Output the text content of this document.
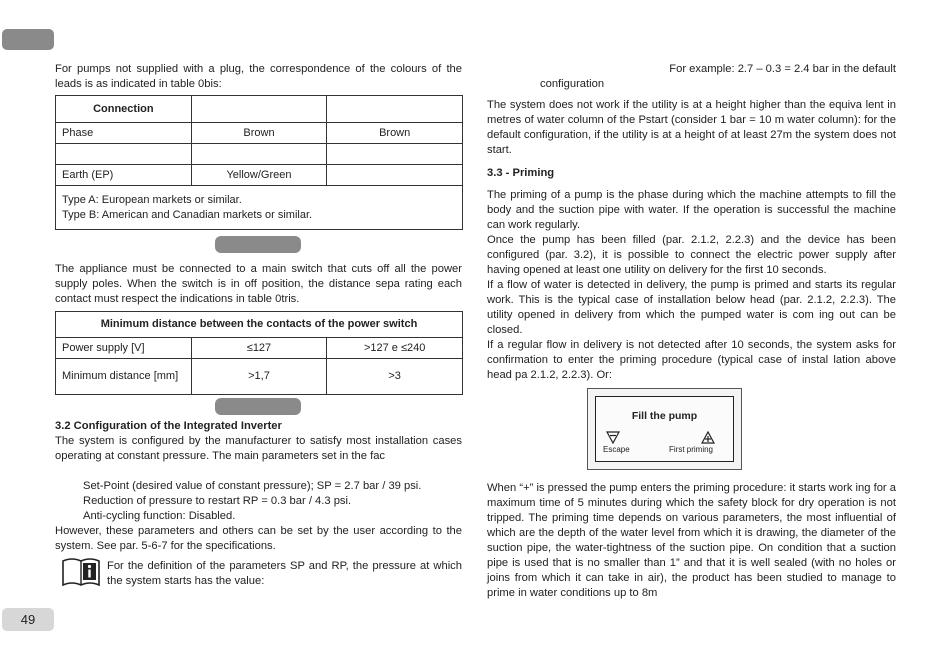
For pumps not supplied with a plug, the correspondence of the colours of the leads is as indicated in table 0bis:
Connection		
Phase	Brown	Brown

Earth (EP)	Yellow/Green	

Type A: European markets or similar.
Type B: American and Canadian markets or similar.		
The appliance must be connected to a main switch that cuts off all the power supply poles. When the switch is in off position, the distance sepa rating each contact must respect the indications in table 0tris.
Minimum distance between the contacts of the power switch		
Power supply [V]	≤127	>127 e ≤240
Minimum distance [mm]	>1,7	>3
3.2 Configuration of the Integrated Inverter
The system is configured by the manufacturer to satisfy most installation cases operating at constant pressure. The main parameters set in the fac
Set-Point (desired value of constant pressure); SP = 2.7 bar / 39 psi.
Reduction of pressure to restart RP = 0.3 bar / 4.3 psi.
Anti-cycling function: Disabled.
However, these parameters and others can be set by the user according to the system. See par. 5-6-7 for the specifications.
For the definition of the parameters SP and RP, the pressure at which the system starts has the value:
49
For example: 2.7 – 0.3 = 2.4 bar in the default
configuration
The system does not work if the utility is at a height higher than the equiva lent in metres of water column of the Pstart (consider 1 bar = 10 m water column): for the default configuration, if the utility is at a height of at least 27m the system does not start.
3.3 - Priming
The priming of a pump is the phase during which the machine attempts to fill the body and the suction pipe with water. If the operation is successful the machine can work regularly.
Once the pump has been filled (par. 2.1.2, 2.2.3) and the device has been configured (par. 3.2), it is possible to connect the electric power supply after having opened at least one utility on delivery for the first 10 seconds.
If a flow of water is detected in delivery, the pump is primed and starts its regular work. This is the typical case of installation below head (par. 2.1.2, 2.2.3). The utility opened in delivery from which the pumped water is com ing out can be closed.
If a regular flow in delivery is not detected after 10 seconds, the system asks for confirmation to enter the priming procedure (typical case of instal lation above head pa 2.1.2, 2.2.3). Or:
Fill the pump
Escape	First priming
When “+” is pressed the pump enters the priming procedure: it starts work ing for a maximum time of 5 minutes during which the safety block for dry operation is not tripped. The priming time depends on various parameters, the most influential of which are the depth of the water level from which it is drawing, the diameter of the suction pipe, the water-tightness of the suction pipe. On condition that a suction pipe is used that is no smaller than 1” and that it is well sealed (with no holes or joins from which it can take in air), the product has been studied to manage to prime in water conditions up to 8m
